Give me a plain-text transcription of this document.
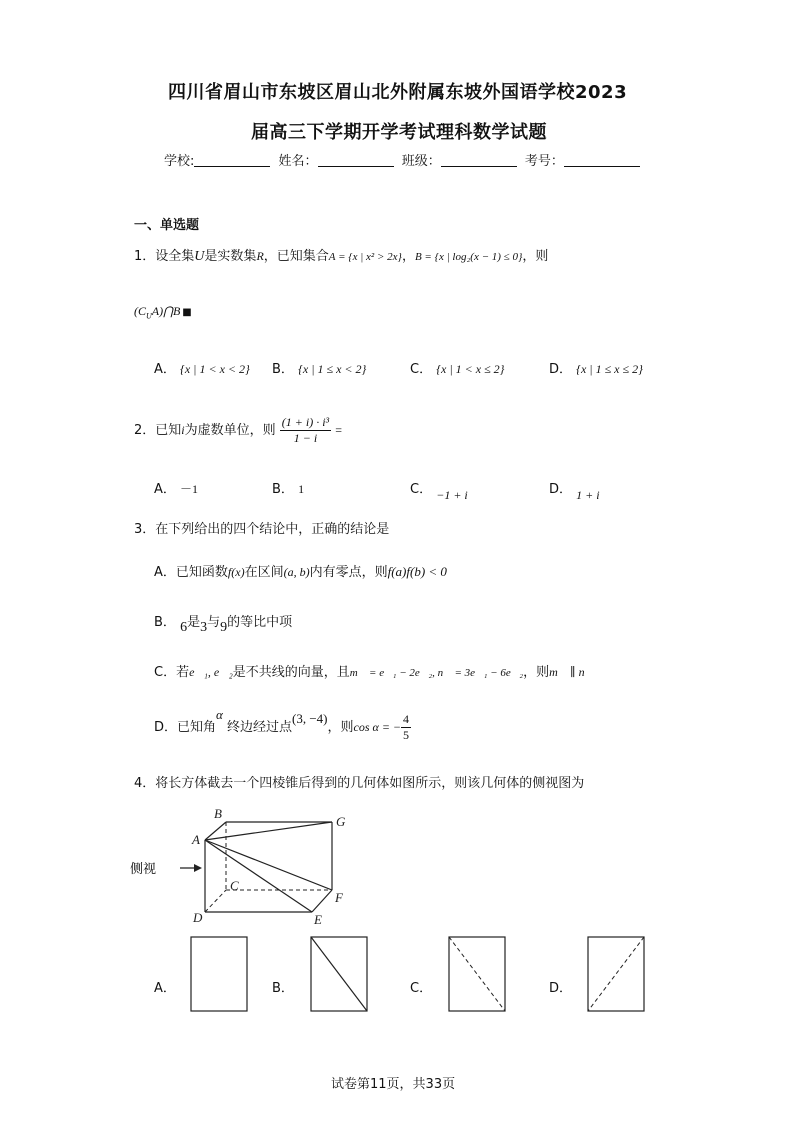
四川省眉山市东坡区眉山北外附属东坡外国语学校2023
届高三下学期开学考试理科数学试题
学校:	姓名：	班级：	考号：
一、单选题
1．设全集U是实数集R，已知集合A = {x | x² > 2x}，B = {x | log₂(x − 1) ≤ 0}，则
$(C_UA)⋂B$ ■
A． {x | 1 < x < 2} B． {x | 1 ≤ x < 2}	C． {x | 1 < x ≤ 2}	D． {x | 1 ≤ x ≤ 2}
2．已知i为虚数单位，则 $\frac{\text{(1 + i) · i³}}{1 - i}$ =
A． －1	B． 1	C． −1 + i	D． 1 + i
3．在下列给出的四个结论中，正确的结论是
A．已知函数f(x)在区间(a, b)内有零点，则f(a)f(b) < 0
B． 6是3与9的等比中项
C．若e⃗₁, e⃗₂是不共线的向量，且m⃗ = e⃗₁ − 2e⃗₂, n⃗ = 3e⃗₁ − 6e⃗₂，则m⃗ ∥ n⃗
D．已知角α 终边经过点(3, −4)，则cos α = − $\frac{4}{5}$
4．将长方体截去一个四棱锥后得到的几何体如图所示，则该几何体的侧视图为
侧视
A
B
C
D	E
F
G
A．	B．	C．	D．
试卷第11页，共33页
